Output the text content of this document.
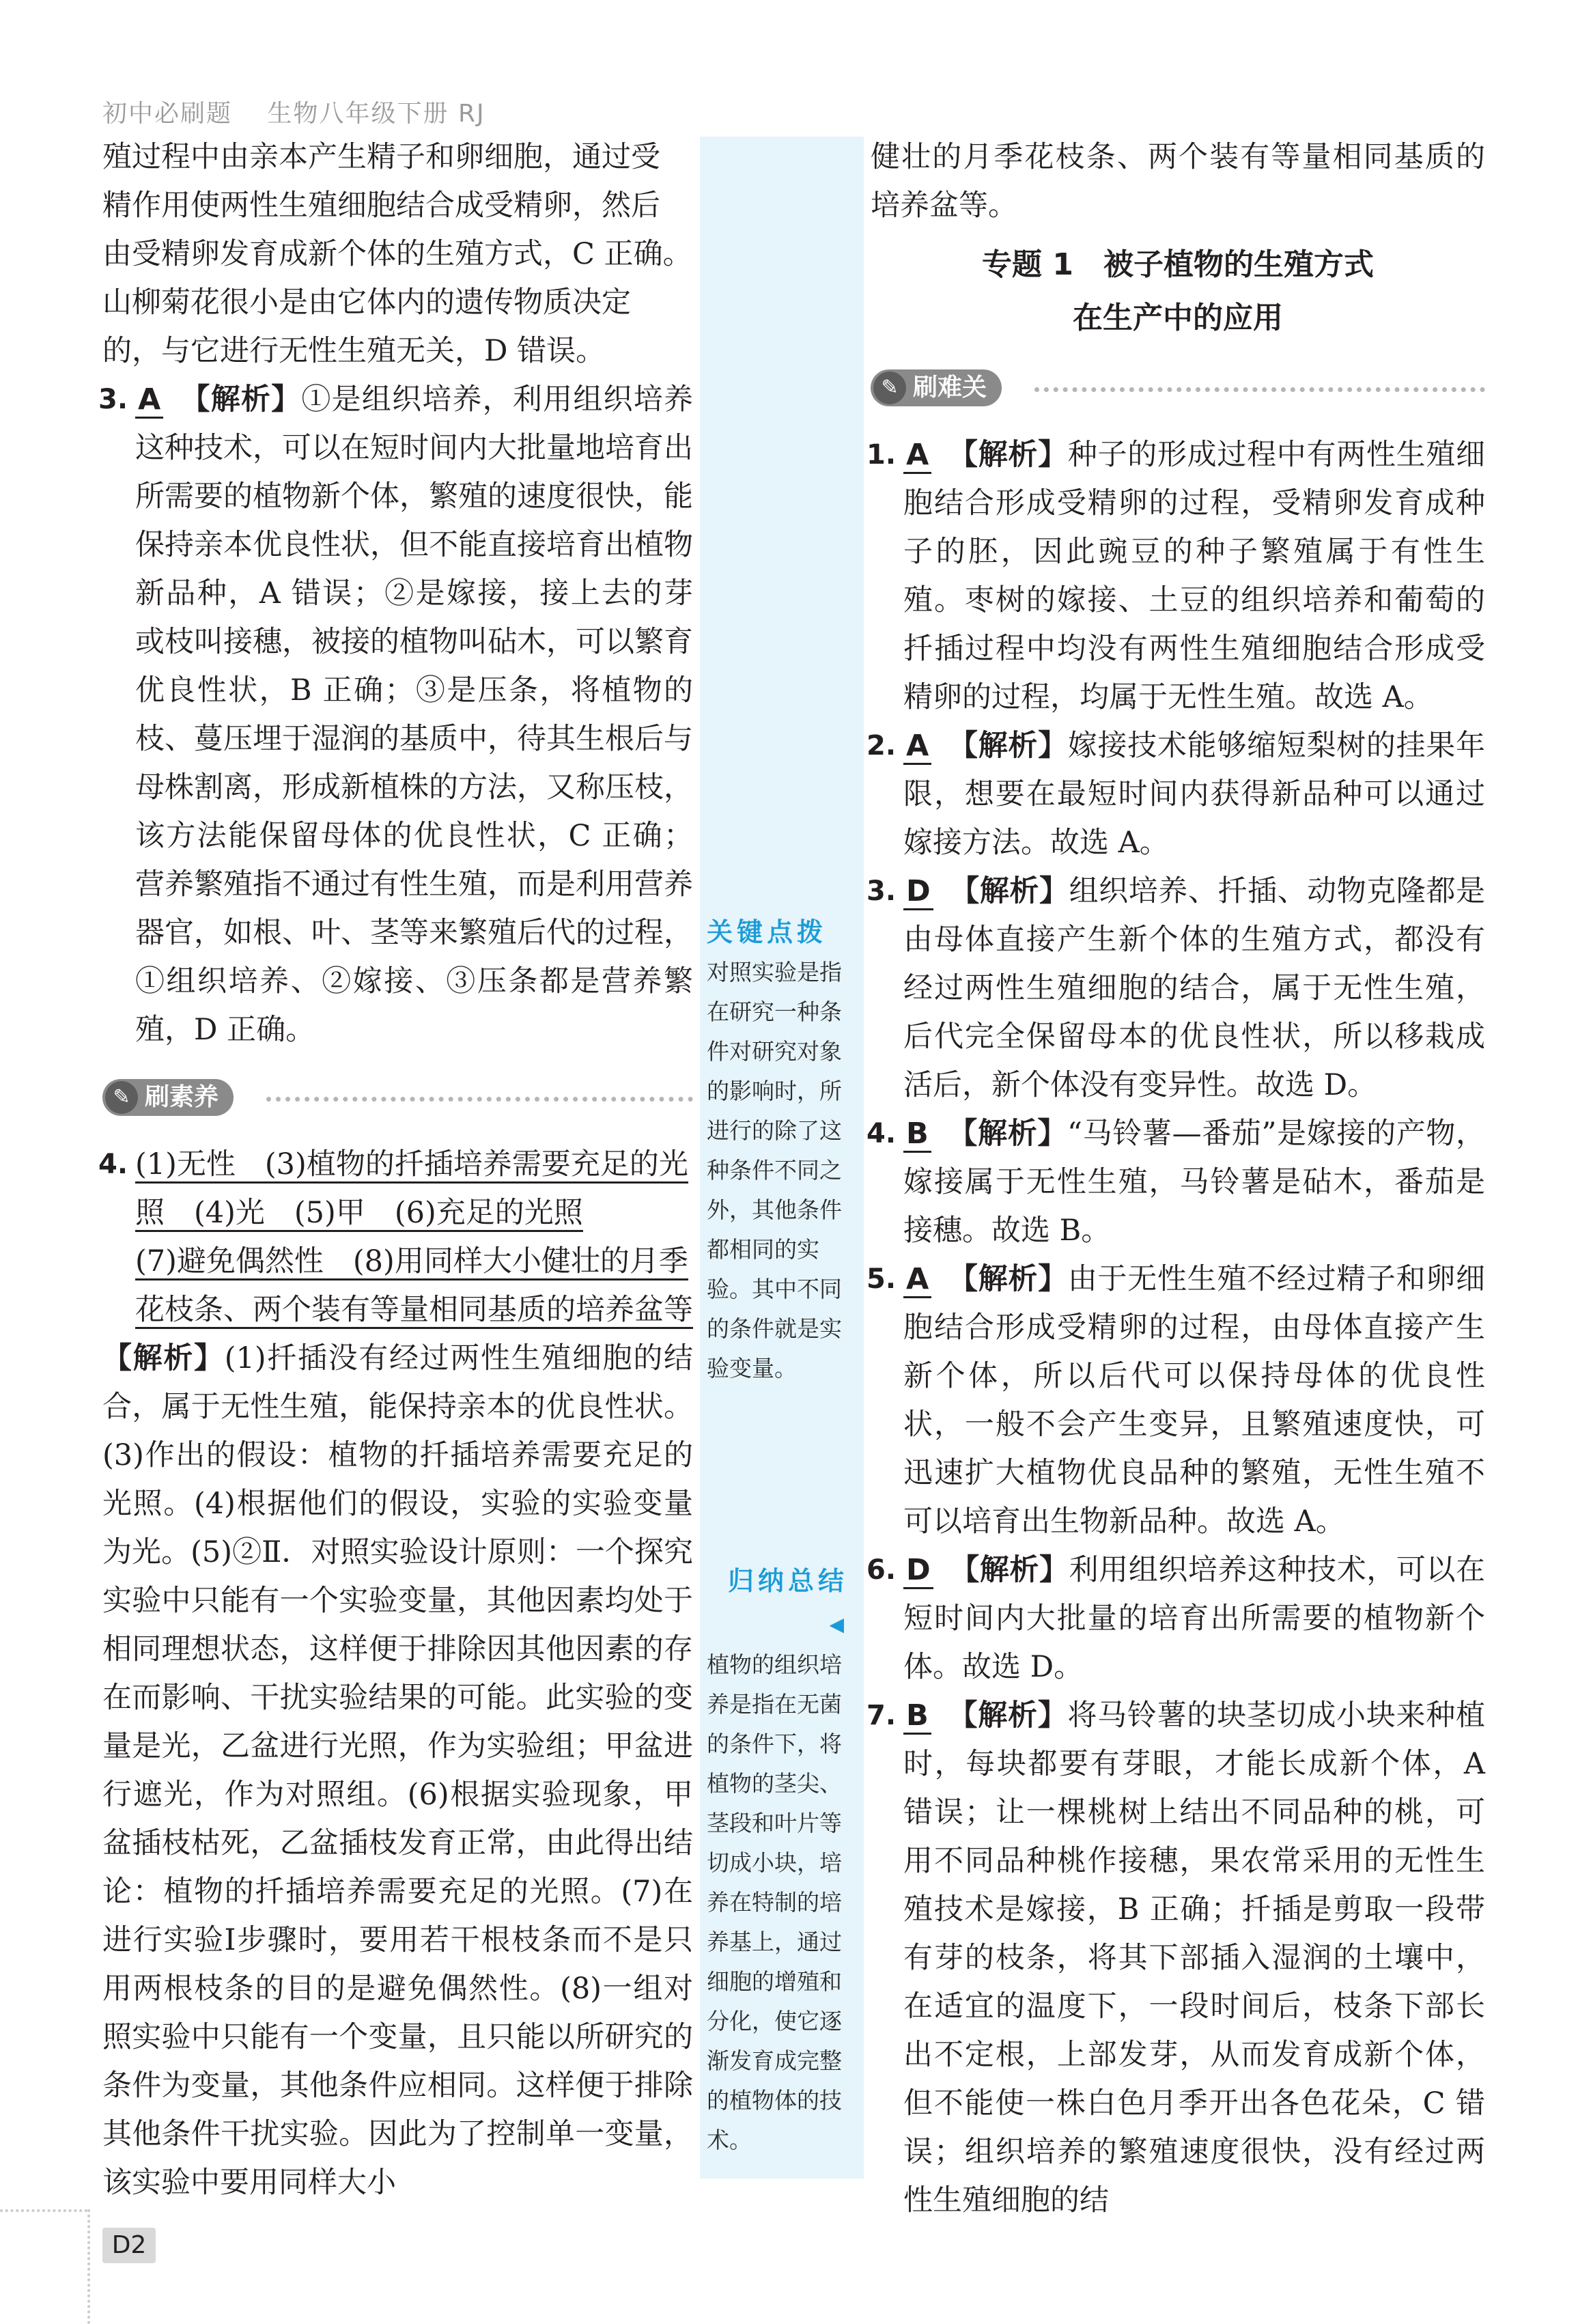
初中必刷题　 生物八年级下册 RJ
殖过程中由亲本产生精子和卵细胞，通过受
精作用使两性生殖细胞结合成受精卵，然后
由受精卵发育成新个体的生殖方式，C 正确。
山柳菊花很小是由它体内的遗传物质决定
的，与它进行无性生殖无关，D 错误。
3. A 【解析】①是组织培养，利用组织培养这种技术，可以在短时间内大批量地培育出所需要的植物新个体，繁殖的速度很快，能保持亲本优良性状，但不能直接培育出植物新品种，A 错误；②是嫁接，接上去的芽或枝叫接穗，被接的植物叫砧木，可以繁育优良性状，B 正确；③是压条，将植物的枝、蔓压埋于湿润的基质中，待其生根后与母株割离，形成新植株的方法，又称压枝，该方法能保留母体的优良性状，C 正确；营养繁殖指不通过有性生殖，而是利用营养器官，如根、叶、茎等来繁殖后代的过程，①组织培养、②嫁接、③压条都是营养繁殖，D 正确。
✎ 刷素养
4. (1)无性　(3)植物的扦插培养需要充足的光
照　(4)光　(5)甲　(6)充足的光照
(7)避免偶然性　(8)用同样大小健壮的月季
花枝条、两个装有等量相同基质的培养盆等
【解析】(1)扦插没有经过两性生殖细胞的结合，属于无性生殖，能保持亲本的优良性状。(3)作出的假设：植物的扦插培养需要充足的光照。(4)根据他们的假设，实验的实验变量为光。(5)②Ⅱ．对照实验设计原则：一个探究实验中只能有一个实验变量，其他因素均处于相同理想状态，这样便于排除因其他因素的存在而影响、干扰实验结果的可能。此实验的变量是光，乙盆进行光照，作为实验组；甲盆进行遮光，作为对照组。(6)根据实验现象，甲盆插枝枯死，乙盆插枝发育正常，由此得出结论：植物的扦插培养需要充足的光照。(7)在进行实验Ⅰ步骤时，要用若干根枝条而不是只用两根枝条的目的是避免偶然性。(8)一组对照实验中只能有一个变量，且只能以所研究的条件为变量，其他条件应相同。这样便于排除其他条件干扰实验。因此为了控制单一变量，该实验中要用同样大小
关键点拨
对照实验是指在研究一种条件对研究对象的影响时，所进行的除了这种条件不同之外，其他条件都相同的实验。其中不同的条件就是实验变量。
归纳总结◀
植物的组织培养是指在无菌的条件下，将植物的茎尖、茎段和叶片等切成小块，培养在特制的培养基上，通过细胞的增殖和分化，使它逐渐发育成完整的植物体的技术。
健壮的月季花枝条、两个装有等量相同基质的培养盆等。
专题 1　被子植物的生殖方式
在生产中的应用
✎ 刷难关
1. A 【解析】种子的形成过程中有两性生殖细胞结合形成受精卵的过程，受精卵发育成种子的胚，因此豌豆的种子繁殖属于有性生殖。枣树的嫁接、土豆的组织培养和葡萄的扦插过程中均没有两性生殖细胞结合形成受精卵的过程，均属于无性生殖。故选 A。
2. A 【解析】嫁接技术能够缩短梨树的挂果年限，想要在最短时间内获得新品种可以通过嫁接方法。故选 A。
3. D 【解析】组织培养、扦插、动物克隆都是由母体直接产生新个体的生殖方式，都没有经过两性生殖细胞的结合，属于无性生殖，后代完全保留母本的优良性状，所以移栽成活后，新个体没有变异性。故选 D。
4. B 【解析】“马铃薯—番茄”是嫁接的产物，嫁接属于无性生殖，马铃薯是砧木，番茄是接穗。故选 B。
5. A 【解析】由于无性生殖不经过精子和卵细胞结合形成受精卵的过程，由母体直接产生新个体，所以后代可以保持母体的优良性状，一般不会产生变异，且繁殖速度快，可迅速扩大植物优良品种的繁殖，无性生殖不可以培育出生物新品种。故选 A。
6. D 【解析】利用组织培养这种技术，可以在短时间内大批量的培育出所需要的植物新个体。故选 D。
7. B 【解析】将马铃薯的块茎切成小块来种植时，每块都要有芽眼，才能长成新个体，A 错误；让一棵桃树上结出不同品种的桃，可用不同品种桃作接穗，果农常采用的无性生殖技术是嫁接，B 正确；扦插是剪取一段带有芽的枝条，将其下部插入湿润的土壤中，在适宜的温度下，一段时间后，枝条下部长出不定根，上部发芽，从而发育成新个体，但不能使一株白色月季开出各色花朵，C 错误；组织培养的繁殖速度很快，没有经过两性生殖细胞的结
D2
